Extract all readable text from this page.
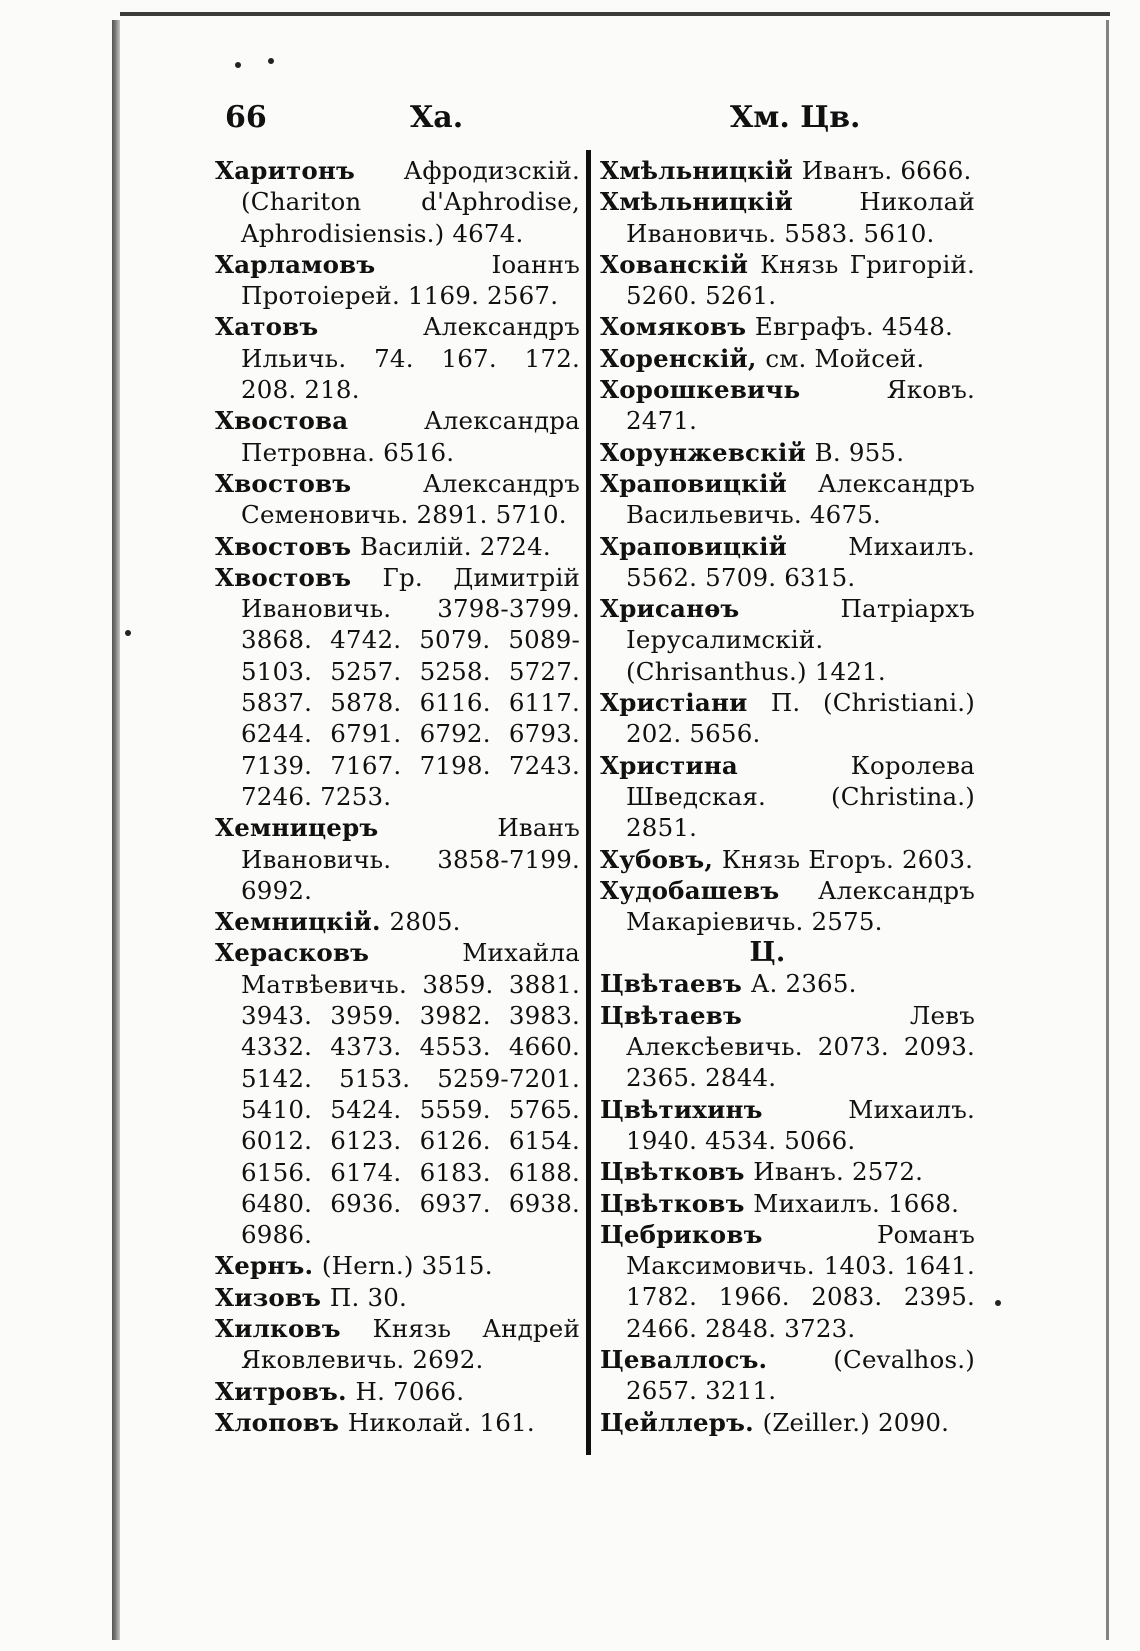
66	Ха.	Хм. Цв.
Харитонъ Афродизскій. (Chariton d'Aphrodise, Aphrodisiensis.) 4674.
Харламовъ	Іоаннъ Протоіерей. 1169. 2567.
Хатовъ	Александръ Ильичь. 74. 167. 172. 208. 218.
Хвостова	Александра Петровна. 6516.
Хвостовъ	Александръ Семеновичь. 2891. 5710.
Хвостовъ Василій. 2724.
Хвостовъ Гр. Димитрій Ивановичь. 3798-3799. 3868. 4742. 5079. 5089-5103. 5257. 5258. 5727. 5837. 5878. 6116. 6117. 6244. 6791. 6792. 6793. 7139. 7167. 7198. 7243. 7246. 7253.
Хемницеръ	Иванъ Ивановичь. 3858-7199. 6992.
Хемницкій. 2805.
Херасковъ	Михайла Матвѣевичь. 3859. 3881. 3943. 3959. 3982. 3983. 4332. 4373. 4553. 4660. 5142. 5153. 5259-7201. 5410. 5424. 5559. 5765. 6012. 6123. 6126. 6154. 6156. 6174. 6183. 6188. 6480. 6936. 6937. 6938. 6986.
Хернъ. (Hern.) 3515.
Хизовъ П. 30.
Хилковъ Князь Андрей Яковлевичь. 2692.
Хитровъ. Н. 7066.
Хлоповъ Николай. 161.
Хмѣльницкій Иванъ. 6666.
Хмѣльницкій	Николай Ивановичь. 5583. 5610.
Хованскій Князь Григорій. 5260. 5261.
Хомяковъ Евграфъ. 4548.
Хоренскій, см. Мойсей.
Хорошкевичь	Яковъ. 2471.
Хорунжевскій В. 955.
Храповицкій Александръ Васильевичь. 4675.
Храповицкій	Михаилъ. 5562. 5709. 6315.
Хрисанѳъ	Патріархъ Іерусалимскій. (Chrisanthus.) 1421.
Христіани П. (Christiani.) 202. 5656.
Христина	Королева Шведская. (Christina.) 2851.
Хубовъ, Князь Егоръ. 2603.
Худобашевъ Александръ Макаріевичь. 2575.
Ц.
Цвѣтаевъ А. 2365.
Цвѣтаевъ	Левъ Алексѣевичь. 2073. 2093. 2365. 2844.
Цвѣтихинъ	Михаилъ. 1940. 4534. 5066.
Цвѣтковъ Иванъ. 2572.
Цвѣтковъ Михаилъ. 1668.
Цебриковъ	Романъ Максимовичь. 1403. 1641. 1782. 1966. 2083. 2395. 2466. 2848. 3723.
Цеваллосъ.	(Cevalhos.) 2657. 3211.
Цейллеръ. (Zeiller.) 2090.
